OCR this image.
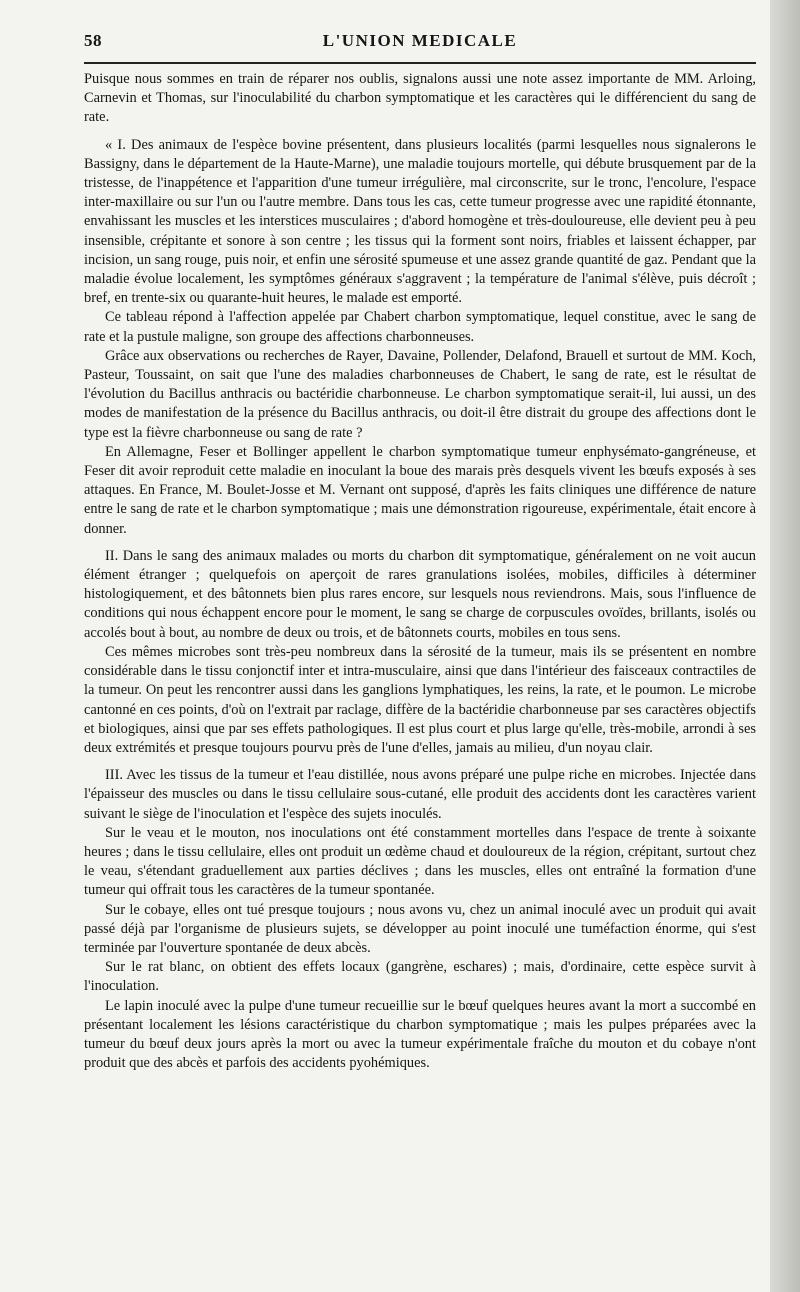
58	L'UNION MEDICALE

Puisque nous sommes en train de réparer nos oublis, signalons aussi une note assez importante de MM. Arloing, Carnevin et Thomas, sur l'inoculabilité du charbon symptomatique et les caractères qui le différencient du sang de rate.

« I. Des animaux de l'espèce bovine présentent, dans plusieurs localités (parmi lesquelles nous signalerons le Bassigny, dans le département de la Haute-Marne), une maladie toujours mortelle, qui débute brusquement par de la tristesse, de l'inappétence et l'apparition d'une tumeur irrégulière, mal circonscrite, sur le tronc, l'encolure, l'espace inter-maxillaire ou sur l'un ou l'autre membre. Dans tous les cas, cette tumeur progresse avec une rapidité étonnante, envahissant les muscles et les interstices musculaires ; d'abord homogène et très-douloureuse, elle devient peu à peu insensible, crépitante et sonore à son centre ; les tissus qui la forment sont noirs, friables et laissent échapper, par incision, un sang rouge, puis noir, et enfin une sérosité spumeuse et une assez grande quantité de gaz. Pendant que la maladie évolue localement, les symptômes généraux s'aggravent ; la température de l'animal s'élève, puis décroît ; bref, en trente-six ou quarante-huit heures, le malade est emporté.

Ce tableau répond à l'affection appelée par Chabert charbon symptomatique, lequel constitue, avec le sang de rate et la pustule maligne, son groupe des affections charbonneuses.

Grâce aux observations ou recherches de Rayer, Davaine, Pollender, Delafond, Brauell et surtout de MM. Koch, Pasteur, Toussaint, on sait que l'une des maladies charbonneuses de Chabert, le sang de rate, est le résultat de l'évolution du Bacillus anthracis ou bactéridie charbonneuse. Le charbon symptomatique serait-il, lui aussi, un des modes de manifestation de la présence du Bacillus anthracis, ou doit-il être distrait du groupe des affections dont le type est la fièvre charbonneuse ou sang de rate ?

En Allemagne, Feser et Bollinger appellent le charbon symptomatique tumeur enphysémato-gangréneuse, et Feser dit avoir reproduit cette maladie en inoculant la boue des marais près desquels vivent les bœufs exposés à ses attaques. En France, M. Boulet-Josse et M. Vernant ont supposé, d'après les faits cliniques une différence de nature entre le sang de rate et le charbon symptomatique ; mais une démonstration rigoureuse, expérimentale, était encore à donner.

II. Dans le sang des animaux malades ou morts du charbon dit symptomatique, généralement on ne voit aucun élément étranger ; quelquefois on aperçoit de rares granulations isolées, mobiles, difficiles à déterminer histologiquement, et des bâtonnets bien plus rares encore, sur lesquels nous reviendrons. Mais, sous l'influence de conditions qui nous échappent encore pour le moment, le sang se charge de corpuscules ovoïdes, brillants, isolés ou accolés bout à bout, au nombre de deux ou trois, et de bâtonnets courts, mobiles en tous sens.

Ces mêmes microbes sont très-peu nombreux dans la sérosité de la tumeur, mais ils se présentent en nombre considérable dans le tissu conjonctif inter et intra-musculaire, ainsi que dans l'intérieur des faisceaux contractiles de la tumeur. On peut les rencontrer aussi dans les ganglions lymphatiques, les reins, la rate, et le poumon. Le microbe cantonné en ces points, d'où on l'extrait par raclage, diffère de la bactéridie charbonneuse par ses caractères objectifs et biologiques, ainsi que par ses effets pathologiques. Il est plus court et plus large qu'elle, très-mobile, arrondi à ses deux extrémités et presque toujours pourvu près de l'une d'elles, jamais au milieu, d'un noyau clair.

III. Avec les tissus de la tumeur et l'eau distillée, nous avons préparé une pulpe riche en microbes. Injectée dans l'épaisseur des muscles ou dans le tissu cellulaire sous-cutané, elle produit des accidents dont les caractères varient suivant le siège de l'inoculation et l'espèce des sujets inoculés.

Sur le veau et le mouton, nos inoculations ont été constamment mortelles dans l'espace de trente à soixante heures ; dans le tissu cellulaire, elles ont produit un œdème chaud et douloureux de la région, crépitant, surtout chez le veau, s'étendant graduellement aux parties déclives ; dans les muscles, elles ont entraîné la formation d'une tumeur qui offrait tous les caractères de la tumeur spontanée.

Sur le cobaye, elles ont tué presque toujours ; nous avons vu, chez un animal inoculé avec un produit qui avait passé déjà par l'organisme de plusieurs sujets, se développer au point inoculé une tuméfaction énorme, qui s'est terminée par l'ouverture spontanée de deux abcès.

Sur le rat blanc, on obtient des effets locaux (gangrène, eschares) ; mais, d'ordinaire, cette espèce survit à l'inoculation.

Le lapin inoculé avec la pulpe d'une tumeur recueillie sur le bœuf quelques heures avant la mort a succombé en présentant localement les lésions caractéristique du charbon symptomatique ; mais les pulpes préparées avec la tumeur du bœuf deux jours après la mort ou avec la tumeur expérimentale fraîche du mouton et du cobaye n'ont produit que des abcès et parfois des accidents pyohémiques.
